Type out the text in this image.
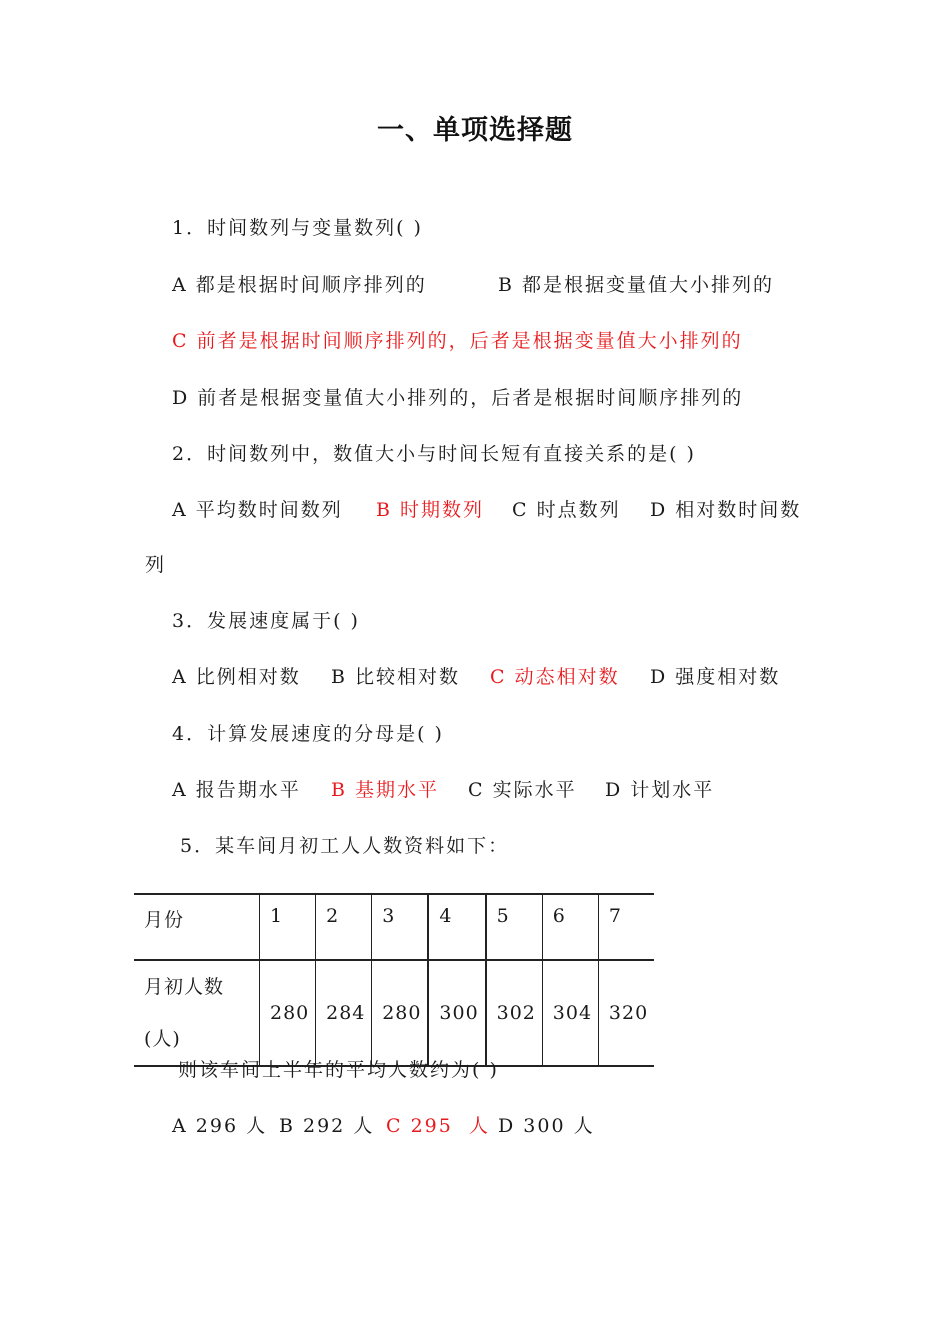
一、单项选择题
1．时间数列与变量数列( )
A 都是根据时间顺序排列的	B 都是根据变量值大小排列的
C 前者是根据时间顺序排列的，后者是根据变量值大小排列的
D 前者是根据变量值大小排列的，后者是根据时间顺序排列的
2．时间数列中，数值大小与时间长短有直接关系的是( )
A 平均数时间数列 B 时期数列 C 时点数列 D 相对数时间数
列
3．发展速度属于( )
A 比例相对数 B 比较相对数 C 动态相对数 D 强度相对数
4．计算发展速度的分母是( )
A 报告期水平 B 基期水平 C 实际水平 D 计划水平
5．某车间月初工人人数资料如下：
月份	1	2	3	4	5	6	7

月初人数
(人)	280	284	280	300	302	304	320
则该车间上半年的平均人数约为( )
A 296 人 B 292 人 C 295  人 D 300 人
